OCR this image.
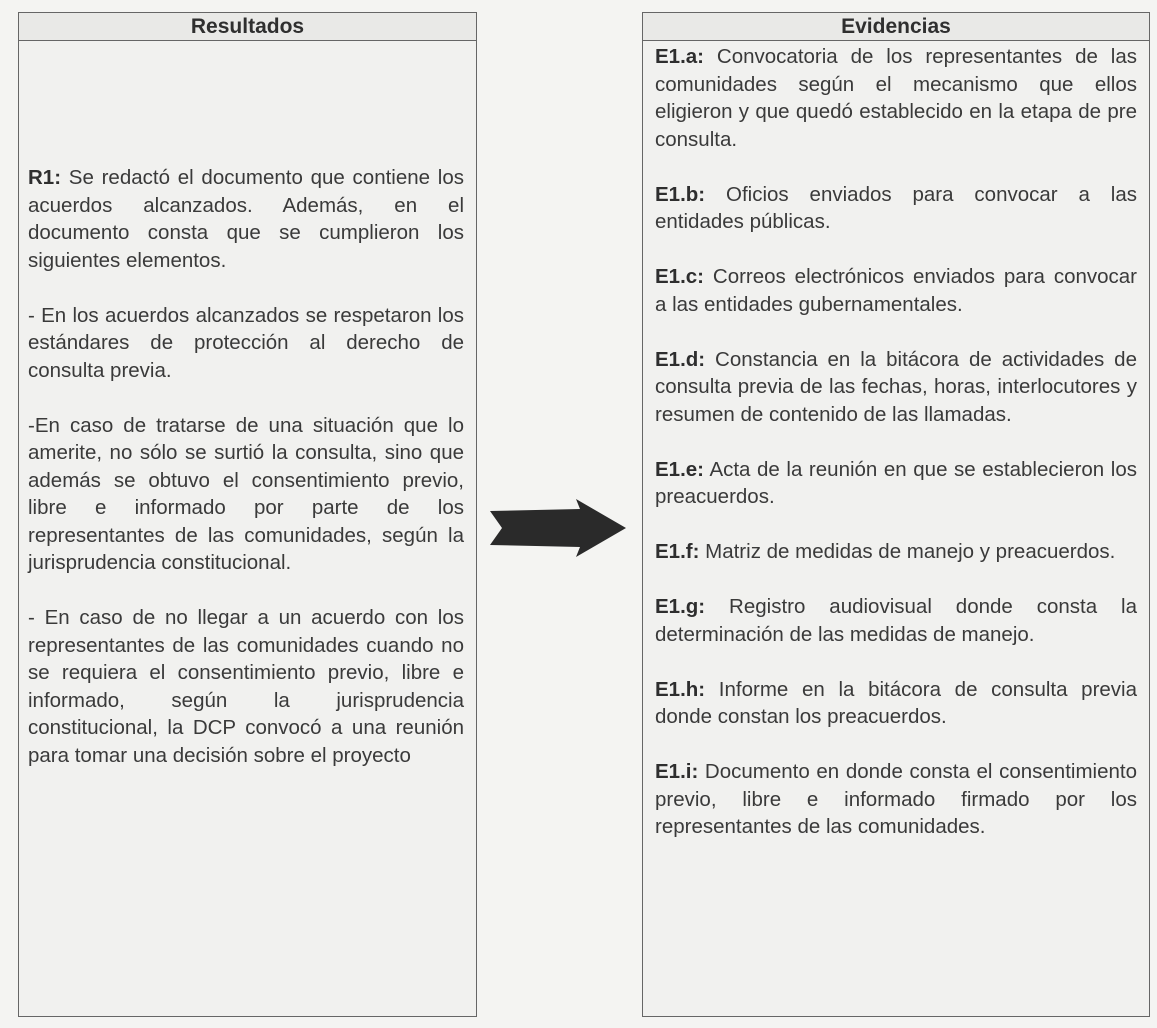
Resultados

R1: Se redactó el documento que contiene los acuerdos alcanzados. Además, en el documento consta que se cumplieron los siguientes elementos.

- En los acuerdos alcanzados se respetaron los estándares de protección al derecho de consulta previa.

-En caso de tratarse de una situación que lo amerite, no sólo se surtió la consulta, sino que además se obtuvo el consentimiento previo, libre e informado por parte de los representantes de las comunidades, según la jurisprudencia constitucional.

- En caso de no llegar a un acuerdo con los representantes de las comunidades cuando no se requiera el consentimiento previo, libre e informado, según la jurisprudencia constitucional, la DCP convocó a una reunión para tomar una decisión sobre el proyecto

Evidencias

E1.a: Convocatoria de los representantes de las comunidades según el mecanismo que ellos eligieron y que quedó establecido en la etapa de pre consulta.

E1.b: Oficios enviados para convocar a las entidades públicas.

E1.c: Correos electrónicos enviados para convocar a las entidades gubernamentales.

E1.d: Constancia en la bitácora de actividades de consulta previa de las fechas, horas, interlocutores y resumen de contenido de las llamadas.

E1.e: Acta de la reunión en que se establecieron los preacuerdos.

E1.f: Matriz de medidas de manejo y preacuerdos.

E1.g: Registro audiovisual donde consta la determinación de las medidas de manejo.

E1.h: Informe en la bitácora de consulta previa donde constan los preacuerdos.

E1.i: Documento en donde consta el consentimiento previo, libre e informado firmado por los representantes de las comunidades.
